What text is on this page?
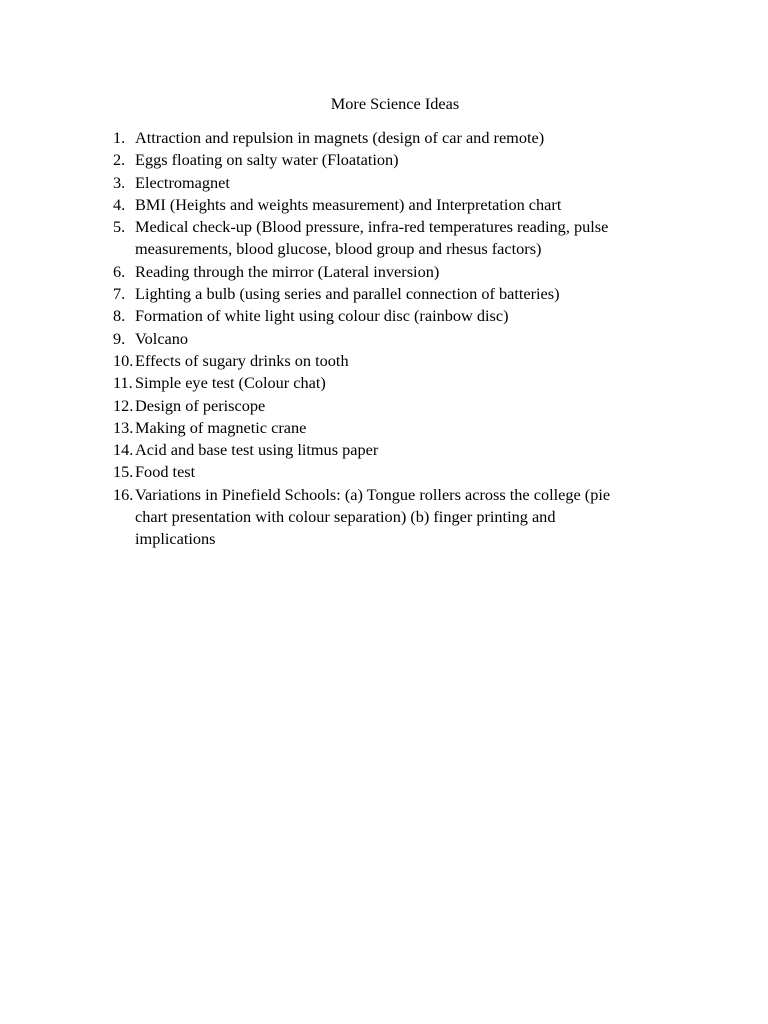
More Science Ideas
1. Attraction and repulsion in magnets (design of car and remote)
2. Eggs floating on salty water (Floatation)
3. Electromagnet
4. BMI (Heights and weights measurement) and Interpretation chart
5. Medical check-up (Blood pressure, infra-red temperatures reading, pulse
measurements, blood glucose, blood group and rhesus factors)
6. Reading through the mirror (Lateral inversion)
7. Lighting a bulb (using series and parallel connection of batteries)
8. Formation of white light using colour disc (rainbow disc)
9. Volcano
10. Effects of sugary drinks on tooth
11. Simple eye test (Colour chat)
12. Design of periscope
13. Making of magnetic crane
14. Acid and base test using litmus paper
15. Food test
16. Variations in Pinefield Schools: (a) Tongue rollers across the college (pie
chart presentation with colour separation) (b) finger printing and
implications
